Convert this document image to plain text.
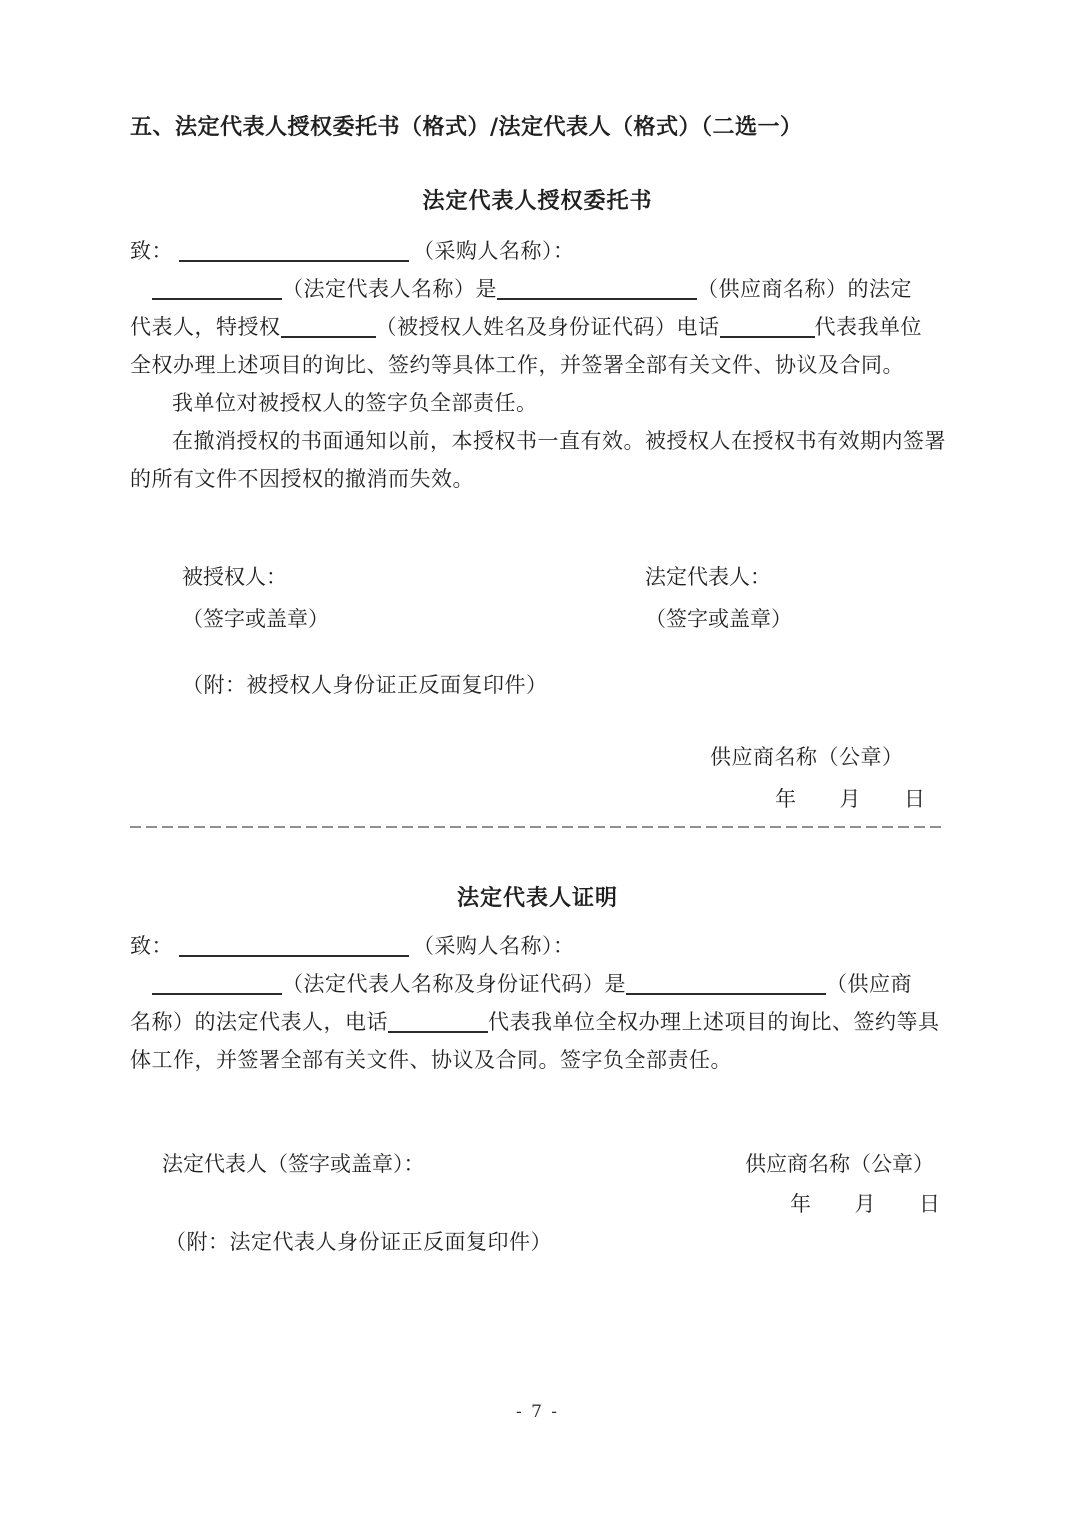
五、法定代表人授权委托书（格式）/法定代表人（格式）（二选一）
法定代表人授权委托书
致：	（采购人名称）：
（法定代表人名称）是	（供应商名称）的法定
代表人，特授权	（被授权人姓名及身份证代码）电话	代表我单位
全权办理上述项目的询比、签约等具体工作，并签署全部有关文件、协议及合同。
我单位对被授权人的签字负全部责任。
在撤消授权的书面通知以前，本授权书一直有效。被授权人在授权书有效期内签署
的所有文件不因授权的撤消而失效。
被授权人：	法定代表人：
（签字或盖章）	（签字或盖章）
（附：被授权人身份证正反面复印件）
供应商名称（公章）
年　　月　　日
法定代表人证明
致：	（采购人名称）：
（法定代表人名称及身份证代码）是	（供应商
名称）的法定代表人，电话	代表我单位全权办理上述项目的询比、签约等具
体工作，并签署全部有关文件、协议及合同。签字负全部责任。
法定代表人（签字或盖章）：	供应商名称（公章）
年　　月　　日
（附：法定代表人身份证正反面复印件）
- 7 -
